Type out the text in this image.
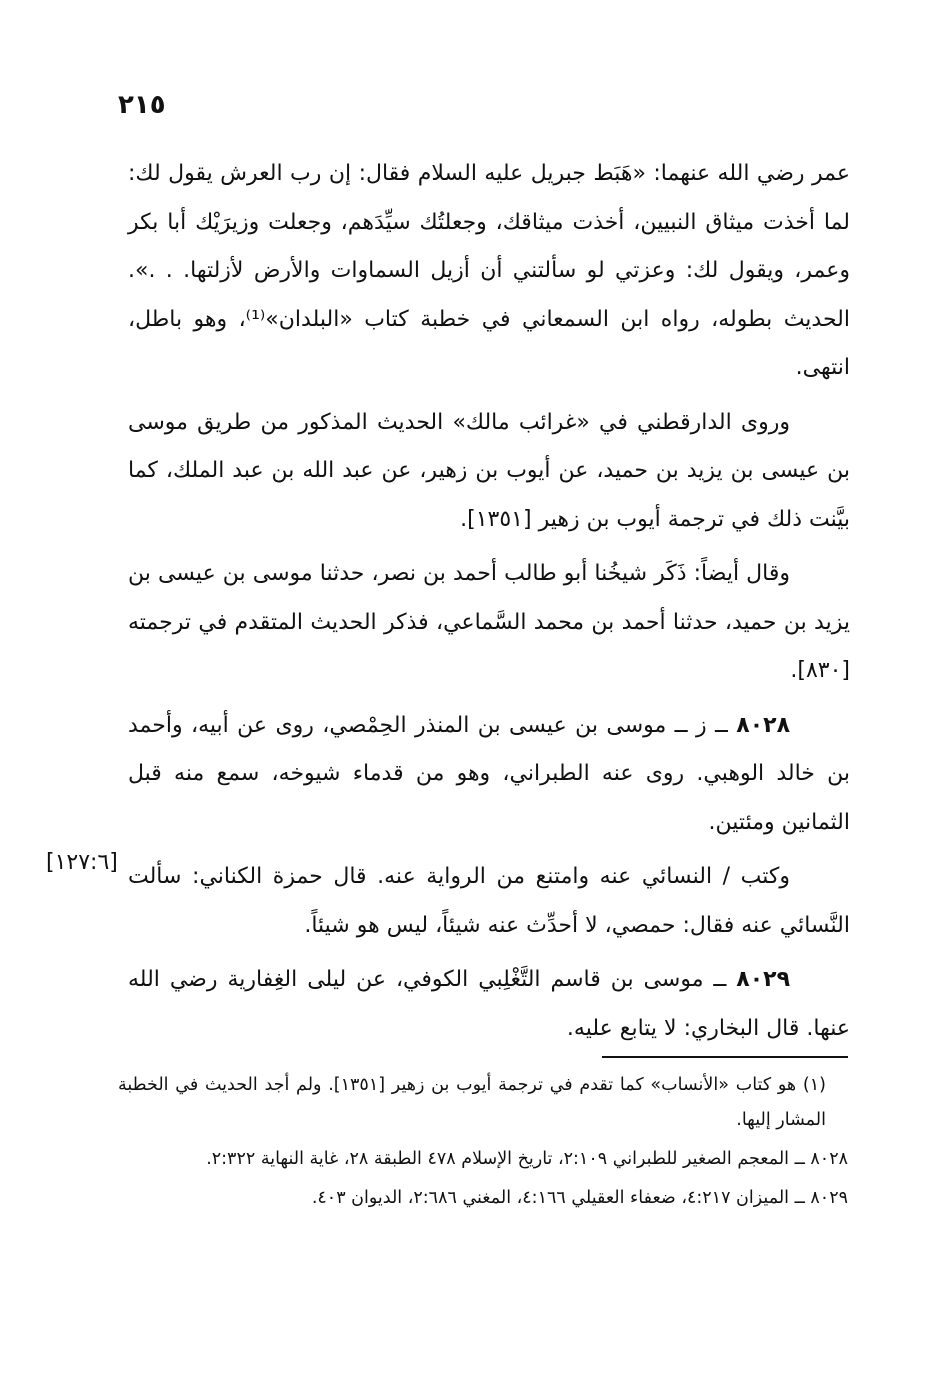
٢١٥

عمر رضي الله عنهما: «هَبَط جبريل عليه السلام فقال: إن رب العرش يقول لك: لما أخذت ميثاق النبيين، أخذت ميثاقك، وجعلتُك سيِّدَهم، وجعلت وزيرَيْك أبا بكر وعمر، ويقول لك: وعزتي لو سألتني أن أزيل السماوات والأرض لأزلتها. . .». الحديث بطوله، رواه ابن السمعاني في خطبة كتاب «البلدان»⁽¹⁾، وهو باطل، انتهى.

وروى الدارقطني في «غرائب مالك» الحديث المذكور من طريق موسى بن عيسى بن يزيد بن حميد، عن أيوب بن زهير، عن عبد الله بن عبد الملك، كما بيَّنت ذلك في ترجمة أيوب بن زهير [١٣٥١].

وقال أيضاً: ذَكَر شيخُنا أبو طالب أحمد بن نصر، حدثنا موسى بن عيسى بن يزيد بن حميد، حدثنا أحمد بن محمد السَّماعي، فذكر الحديث المتقدم في ترجمته [٨٣٠].

٨٠٢٨ ــ ز ــ موسى بن عيسى بن المنذر الحِمْصي، روى عن أبيه، وأحمد بن خالد الوهبي. روى عنه الطبراني، وهو من قدماء شيوخه، سمع منه قبل الثمانين ومئتين.

وكتب / النسائي عنه وامتنع من الرواية عنه. قال حمزة الكناني: سألت النَّسائي عنه فقال: حمصي، لا أحدِّث عنه شيئاً، ليس هو شيئاً.

٨٠٢٩ ــ موسى بن قاسم التَّغْلِبي الكوفي، عن ليلى الغِفارية رضي الله عنها. قال البخاري: لا يتابع عليه.

[١٢٧:٦]

(١) هو كتاب «الأنساب» كما تقدم في ترجمة أيوب بن زهير [١٣٥١]. ولم أجد الحديث في الخطبة المشار إليها.

٨٠٢٨ ــ المعجم الصغير للطبراني ٢:١٠٩، تاريخ الإسلام ٤٧٨ الطبقة ٢٨، غاية النهاية ٢:٣٢٢.

٨٠٢٩ ــ الميزان ٤:٢١٧، ضعفاء العقيلي ٤:١٦٦، المغني ٢:٦٨٦، الديوان ٤٠٣.
